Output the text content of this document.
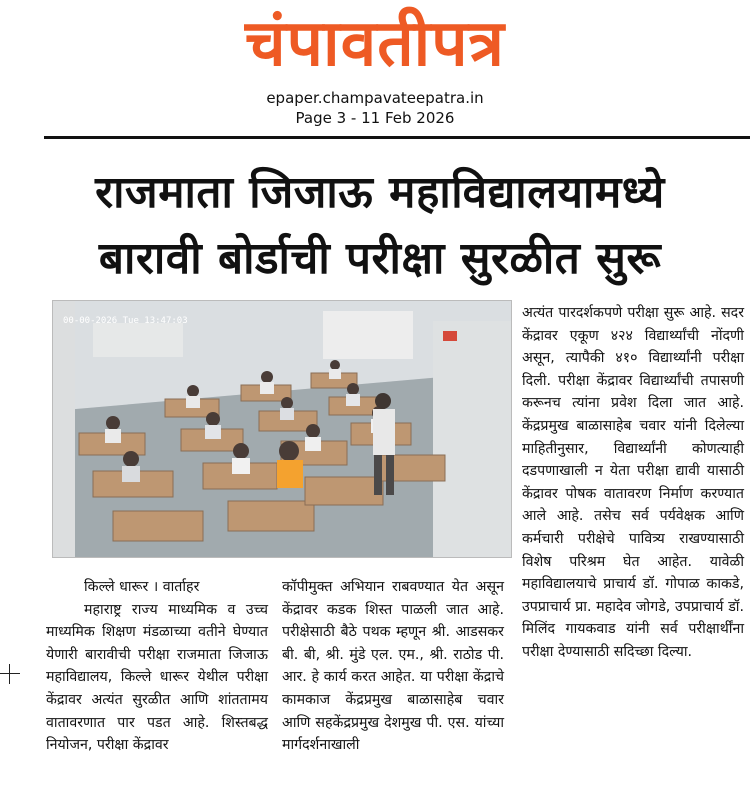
चंपावतीपत्र
epaper.champavateepatra.in
Page 3 - 11 Feb 2026
राजमाता जिजाऊ महाविद्यालयामध्ये
बारावी बोर्डाची परीक्षा सुरळीत सुरू
00-00-2026 Tue 13:47:03

किल्ले धारूर । वार्ताहर

महाराष्ट्र राज्य माध्यमिक व उच्च माध्यमिक शिक्षण मंडळाच्या वतीने घेण्यात येणारी बारावीची परीक्षा राजमाता जिजाऊ महाविद्यालय, किल्ले धारूर येथील परीक्षा केंद्रावर अत्यंत सुरळीत आणि शांततामय वातावरणात पार पडत आहे. शिस्तबद्ध नियोजन, परीक्षा केंद्रावर

कॉपीमुक्त अभियान राबवण्यात येत असून केंद्रावर कडक शिस्त पाळली जात आहे. परीक्षेसाठी बैठे पथक म्हणून श्री. आडसकर बी. बी, श्री. मुंडे एल. एम., श्री. राठोड पी. आर. हे कार्य करत आहेत. या परीक्षा केंद्राचे कामकाज केंद्रप्रमुख बाळासाहेब चवार आणि सहकेंद्रप्रमुख देशमुख पी. एस. यांच्या मार्गदर्शनाखाली

अत्यंत पारदर्शकपणे परीक्षा सुरू आहे. सदर केंद्रावर एकूण ४२४ विद्यार्थ्यांची नोंदणी असून, त्यापैकी ४१० विद्यार्थ्यांनी परीक्षा दिली. परीक्षा केंद्रावर विद्यार्थ्यांची तपासणी करूनच त्यांना प्रवेश दिला जात आहे. केंद्रप्रमुख बाळासाहेब चवार यांनी दिलेल्या माहितीनुसार, विद्यार्थ्यांनी कोणत्याही दडपणाखाली न येता परीक्षा द्यावी यासाठी केंद्रावर पोषक वातावरण निर्माण करण्यात आले आहे. तसेच सर्व पर्यवेक्षक आणि कर्मचारी परीक्षेचे पावित्र्य राखण्यासाठी विशेष परिश्रम घेत आहेत. यावेळी महाविद्यालयाचे प्राचार्य डॉ. गोपाळ काकडे, उपप्राचार्य प्रा. महादेव जोगडे, उपप्राचार्य डॉ. मिलिंद गायकवाड यांनी सर्व परीक्षार्थींना परीक्षा देण्यासाठी सदिच्छा दिल्या.
